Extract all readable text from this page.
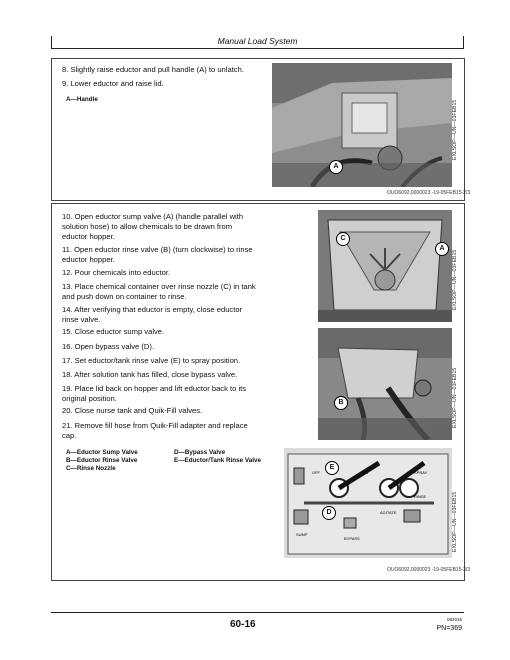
Manual Load System
8. Slightly raise eductor and pull handle (A) to unlatch.
9. Lower eductor and raise lid.
A—Handle
A
EXLSOP—UN—03FEB15
OUO6092,0000023 -19-05FEB15-2/3
10. Open eductor sump valve (A) (handle parallel with
solution hose) to allow chemicals to be drawn from
eductor hopper.
11. Open eductor rinse valve (B) (turn clockwise) to rinse
eductor hopper.
12. Pour chemicals into eductor.
13. Place chemical container over rinse nozzle (C) in tank
and push down on container to rinse.
14. After verifying that eductor is empty, close eductor
rinse valve.
15. Close eductor sump valve.
16. Open bypass valve (D).
17. Set eductor/tank rinse valve (E) to spray position.
18. After solution tank has filled, close bypass valve.
19. Place lid back on hopper and lift eductor back to its
original position.
20. Close nurse tank and Quik-Fill valves.
21. Remove fill hose from Quik-Fill adapter and replace
cap.
A—Eductor Sump Valve
B—Eductor Rinse Valve
C—Rinse Nozzle
D—Bypass Valve
E—Eductor/Tank Rinse Valve
C
A
EXLSOP—UN—03FEB15
B	EXLSOP—UN—03FEB15
OFF	ON	SPRAY
RINSE
AGITATE
SUMP
BYPASS
E
D	EXLSOP—UN—03FEB15
OUO6092,0000023 -19-05FEB15-3/3
60-16	082015
PN=369
